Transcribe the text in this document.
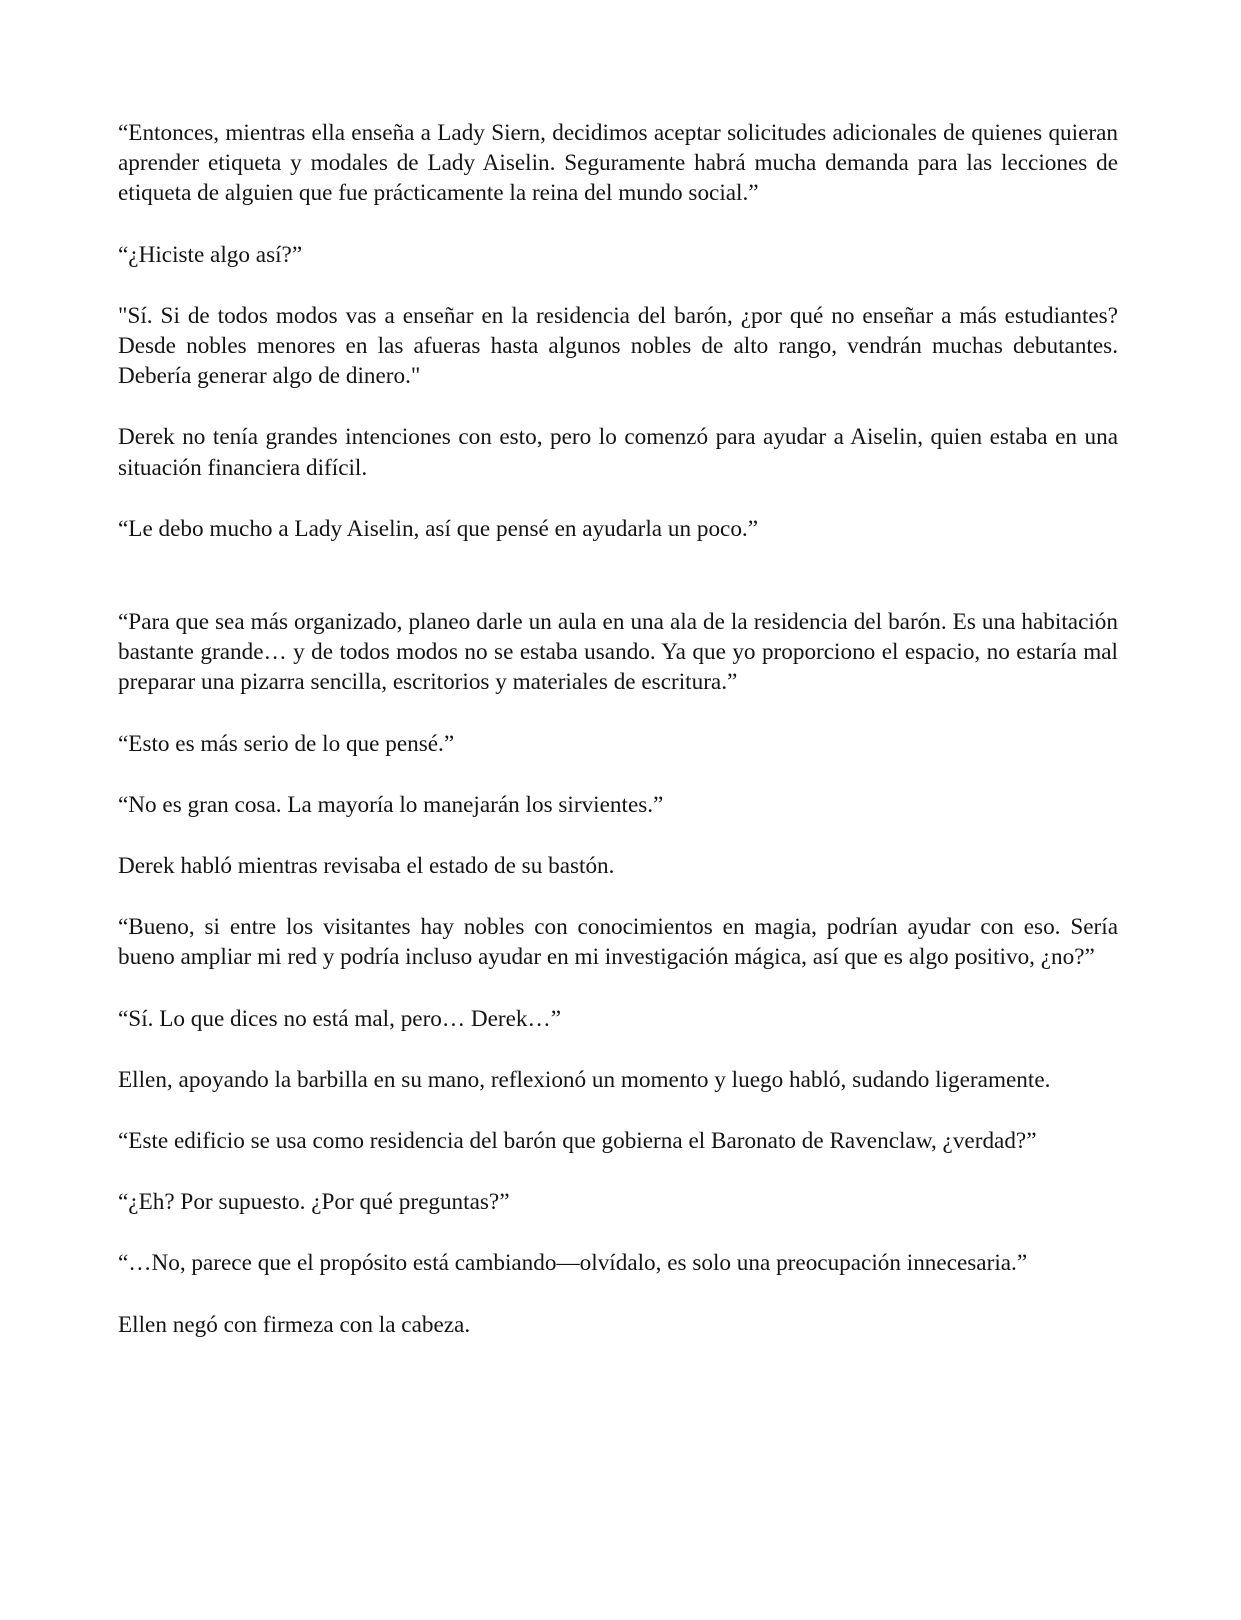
“Entonces, mientras ella enseña a Lady Siern, decidimos aceptar solicitudes adicionales de quienes quieran aprender etiqueta y modales de Lady Aiselin. Seguramente habrá mucha demanda para las lecciones de etiqueta de alguien que fue prácticamente la reina del mundo social.”

“¿Hiciste algo así?”

"Sí. Si de todos modos vas a enseñar en la residencia del barón, ¿por qué no enseñar a más estudiantes? Desde nobles menores en las afueras hasta algunos nobles de alto rango, vendrán muchas debutantes. Debería generar algo de dinero."

Derek no tenía grandes intenciones con esto, pero lo comenzó para ayudar a Aiselin, quien estaba en una situación financiera difícil.

“Le debo mucho a Lady Aiselin, así que pensé en ayudarla un poco.”

“Para que sea más organizado, planeo darle un aula en una ala de la residencia del barón. Es una habitación bastante grande… y de todos modos no se estaba usando. Ya que yo proporciono el espacio, no estaría mal preparar una pizarra sencilla, escritorios y materiales de escritura.”

“Esto es más serio de lo que pensé.”

“No es gran cosa. La mayoría lo manejarán los sirvientes.”

Derek habló mientras revisaba el estado de su bastón.

“Bueno, si entre los visitantes hay nobles con conocimientos en magia, podrían ayudar con eso. Sería bueno ampliar mi red y podría incluso ayudar en mi investigación mágica, así que es algo positivo, ¿no?”

“Sí. Lo que dices no está mal, pero… Derek…”

Ellen, apoyando la barbilla en su mano, reflexionó un momento y luego habló, sudando ligeramente.

“Este edificio se usa como residencia del barón que gobierna el Baronato de Ravenclaw, ¿verdad?”

“¿Eh? Por supuesto. ¿Por qué preguntas?”

“…No, parece que el propósito está cambiando—olvídalo, es solo una preocupación innecesaria.”

Ellen negó con firmeza con la cabeza.
